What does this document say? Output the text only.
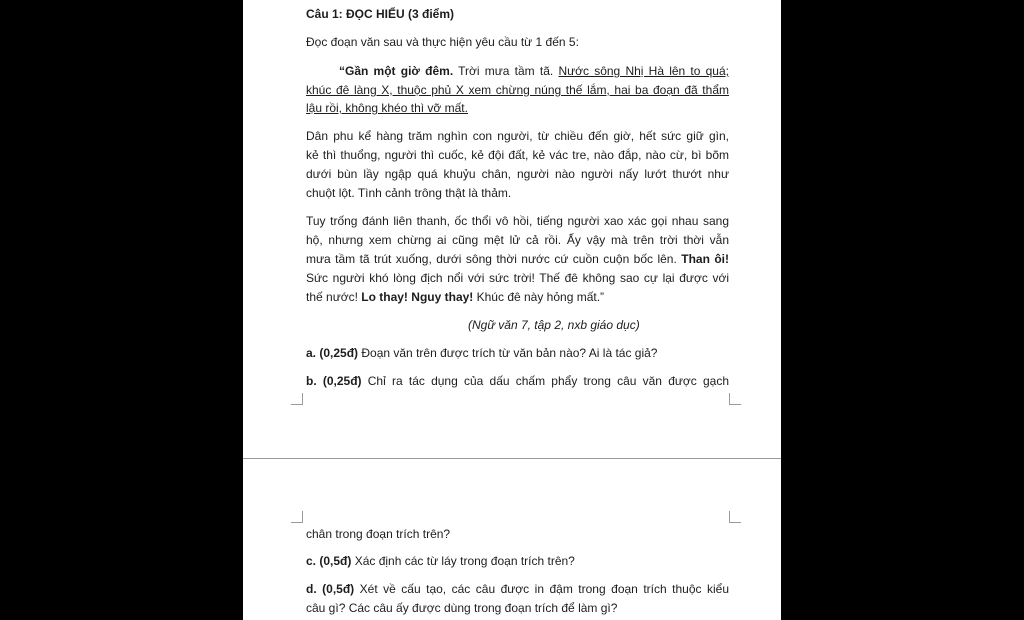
Câu 1: ĐỌC HIỂU (3 điểm)
Đọc đoạn văn sau và thực hiện yêu cầu từ 1 đến 5:
“Gần một giờ đêm. Trời mưa tầm tã. Nước sông Nhị Hà lên to quá;
khúc đê làng X, thuộc phủ X xem chừng núng thế lắm, hai ba đoạn đã thẩm
lậu rồi, không khéo thì vỡ mất.
Dân phu kể hàng trăm nghìn con người, từ chiều đến giờ, hết sức giữ gìn,
kẻ thì thuổng, người thì cuốc, kẻ đội đất, kẻ vác tre, nào đắp, nào cừ, bì bõm
dưới bùn lầy ngập quá khuỷu chân, người nào người nấy lướt thướt như
chuột lột. Tình cảnh trông thật là thảm.
Tuy trống đánh liên thanh, ốc thổi vô hồi, tiếng người xao xác gọi nhau sang
hộ, nhưng xem chừng ai cũng mệt lử cả rồi. Ấy vậy mà trên trời thời vẫn
mưa tầm tã trút xuống, dưới sông thời nước cứ cuồn cuộn bốc lên. Than ôi!
Sức người khó lòng địch nổi với sức trời! Thế đê không sao cự lại được với
thế nước! Lo thay! Nguy thay! Khúc đê này hỏng mất.”
(Ngữ văn 7, tập 2, nxb giáo dục)
a. (0,25đ) Đoạn văn trên được trích từ văn bản nào? Ai là tác giả?
b. (0,25đ) Chỉ ra tác dụng của dấu chấm phẩy trong câu văn được gạch
chân trong đoạn trích trên?
c. (0,5đ) Xác định các từ láy trong đoạn trích trên?
d. (0,5đ) Xét về cấu tạo, các câu được in đậm trong đoạn trích thuộc kiểu
câu gì? Các câu ấy được dùng trong đoạn trích để làm gì?
